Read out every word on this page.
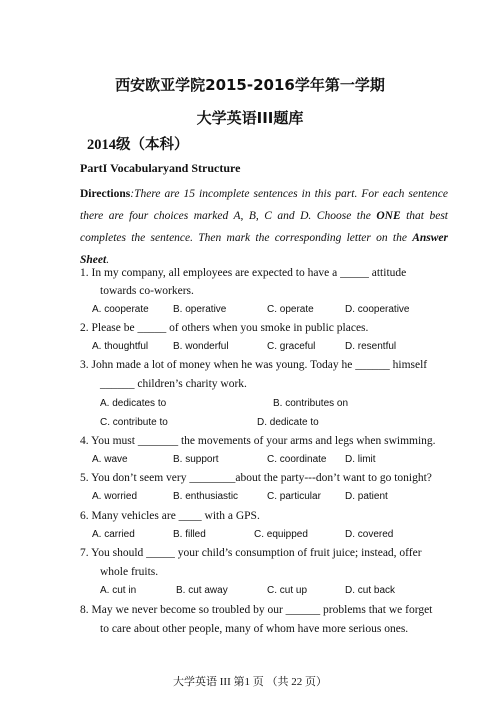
西安欧亚学院2015-2016学年第一学期
大学英语III题库
2014级（本科）
PartI Vocabularyand Structure
Directions:There are 15 incomplete sentences in this part. For each sentence there are four choices marked A, B, C and D. Choose the ONE that best completes the sentence. Then mark the corresponding letter on the Answer Sheet.
1. In my company, all employees are expected to have a _____ attitude
towards co-workers.
A. cooperate B. operative	C. operate	D. cooperative
2. Please be _____ of others when you smoke in public places.
A. thoughtful B. wonderful	C. graceful	D. resentful
3. John made a lot of money when he was young. Today he ______ himself
______ children’s charity work.
A. dedicates to	B. contributes on
C. contribute to	D. dedicate to
4. You must _______ the movements of your arms and legs when swimming.
A. wave	B. support	C. coordinate D. limit
5. You don’t seem very ________about the party---don’t want to go tonight?
A. worried	B. enthusiastic	C. particular D. patient
6. Many vehicles are ____ with a GPS.
A. carried	B. filled	C. equipped	D. covered
7. You should _____ your child’s consumption of fruit juice; instead, offer
whole fruits.
A. cut in	B. cut away	C. cut up	D. cut back
8. May we never become so troubled by our ______ problems that we forget
to care about other people, many of whom have more serious ones.
大学英语 III 第1 页 （共 22 页）
